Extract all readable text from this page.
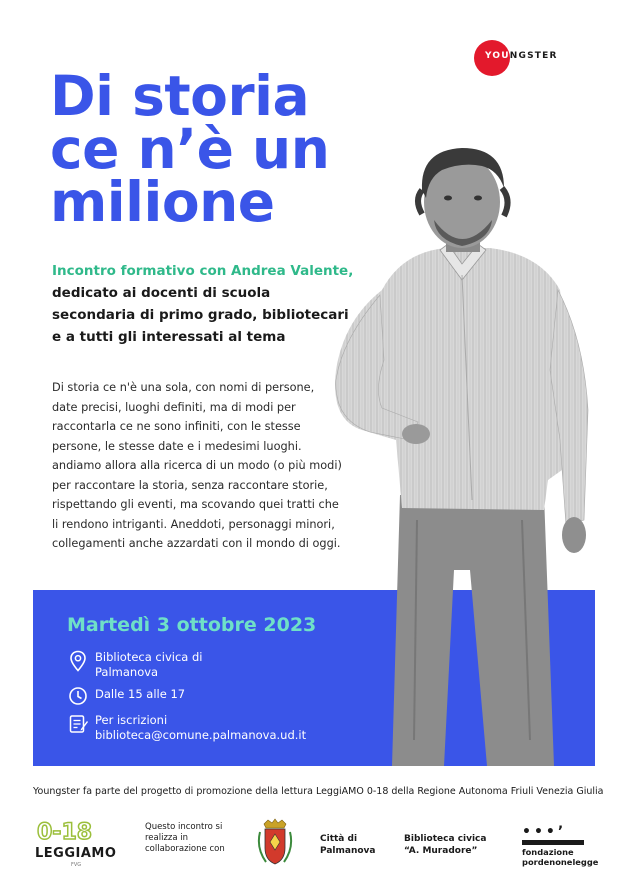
YOUNGSTER
Di storia
ce n’è un
milione
Incontro formativo con Andrea Valente,
dedicato ai docenti di scuola secondaria di primo grado, bibliotecari e a tutti gli interessati al tema
Di storia ce n'è una sola, con nomi di persone, date precisi, luoghi definiti, ma di modi per raccontarla ce ne sono infiniti, con le stesse persone, le stesse date e i medesimi luoghi. andiamo allora alla ricerca di un modo (o più modi) per raccontare la storia, senza raccontare storie, rispettando gli eventi, ma scovando quei tratti che li rendono intriganti. Aneddoti, personaggi minori, collegamenti anche azzardati con il mondo di oggi.
Martedì 3 ottobre 2023
Biblioteca civica di
Palmanova
Dalle 15 alle 17
Per iscrizioni
biblioteca@comune.palmanova.ud.it
Youngster fa parte del progetto di promozione della lettura LeggiAMO 0-18 della Regione Autonoma Friuli Venezia Giulia
0-18
LEGGIAMO
FVG
Questo incontro si realizza in collaborazione con
Città di
Palmanova
Biblioteca civica
“A. Muradore”
•••’
fondazione
pordenonelegge
